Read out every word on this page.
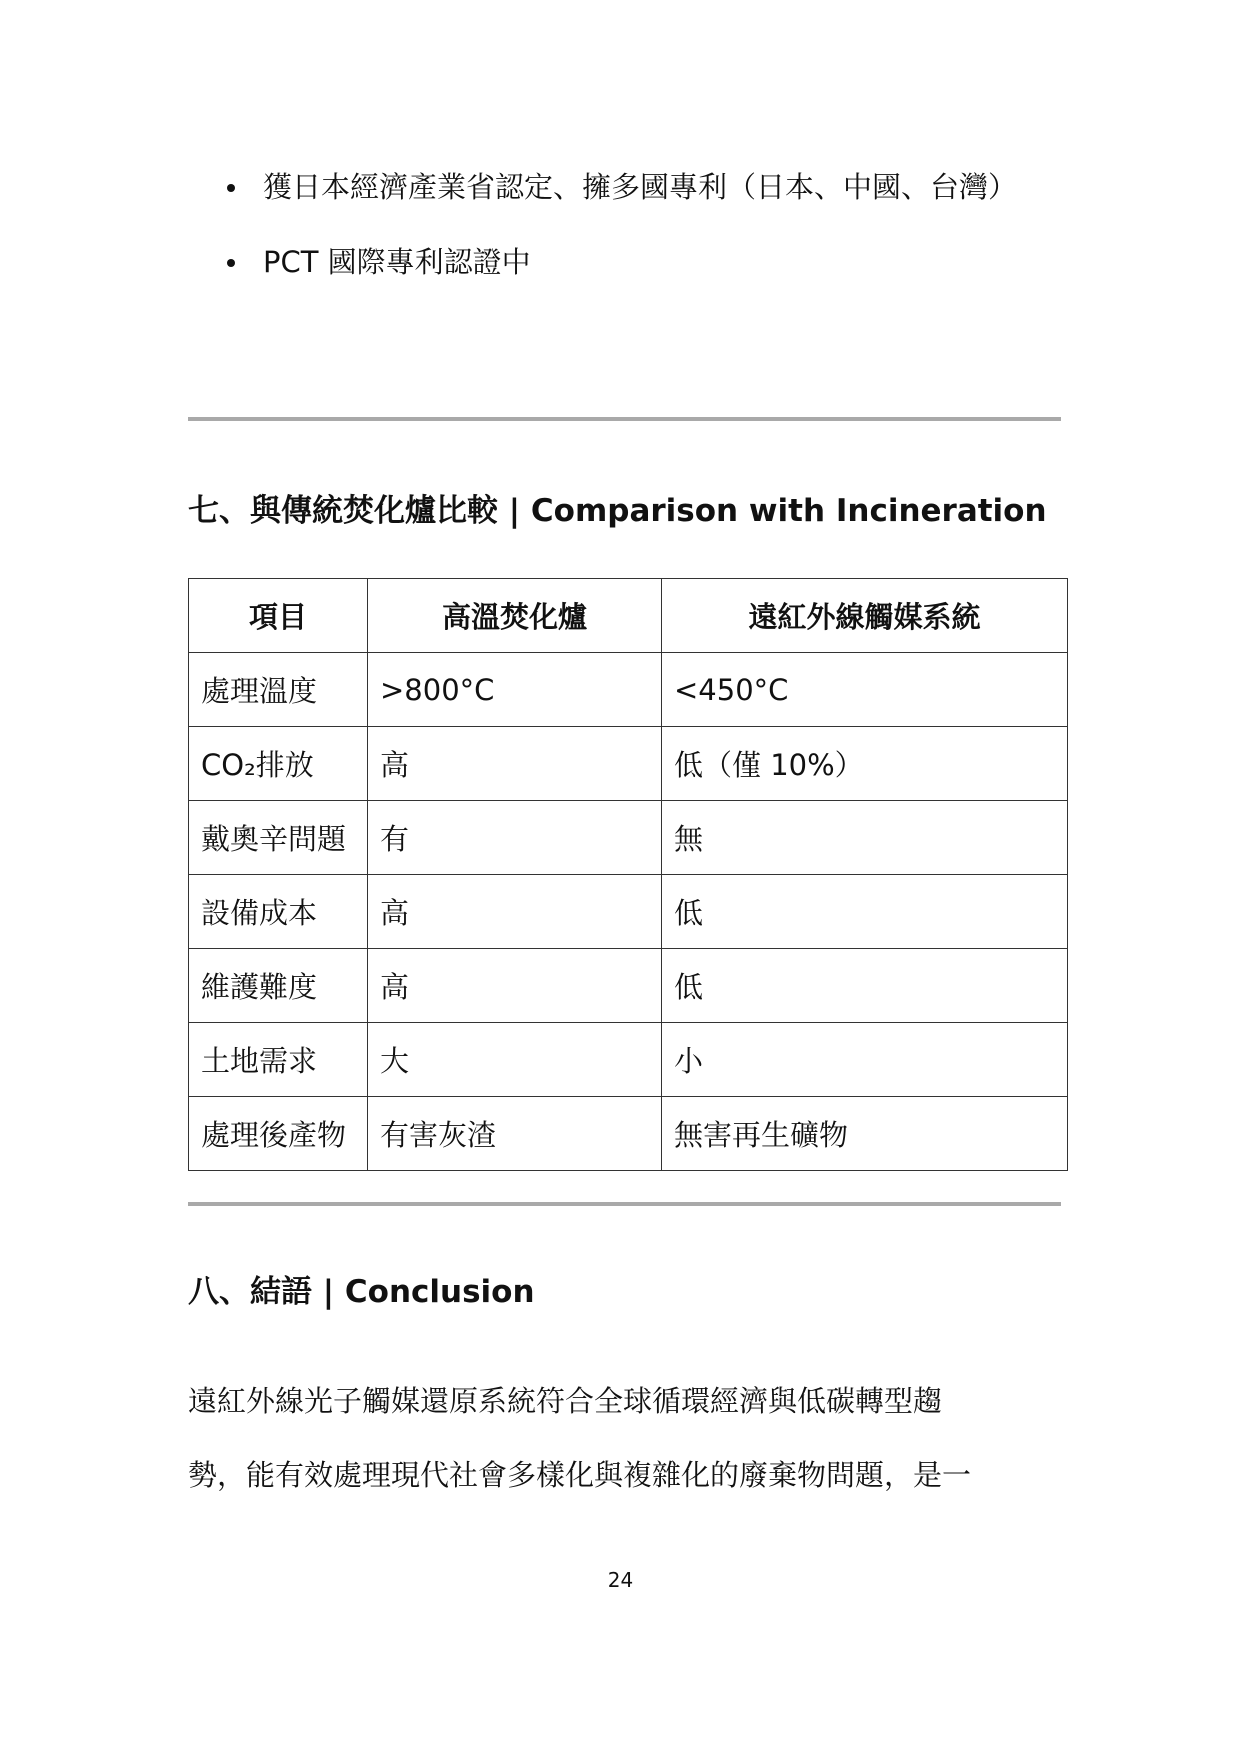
獲日本經濟產業省認定、擁多國專利（日本、中國、台灣）
PCT 國際專利認證中
七、與傳統焚化爐比較 | Comparison with Incineration
項目	高溫焚化爐	遠紅外線觸媒系統
處理溫度	>800°C	<450°C
CO₂排放	高	低（僅 10%）
戴奧辛問題	有	無
設備成本	高	低
維護難度	高	低
土地需求	大	小
處理後產物	有害灰渣	無害再生礦物
八、結語 | Conclusion

遠紅外線光子觸媒還原系統符合全球循環經濟與低碳轉型趨
勢，能有效處理現代社會多樣化與複雜化的廢棄物問題，是一

24
